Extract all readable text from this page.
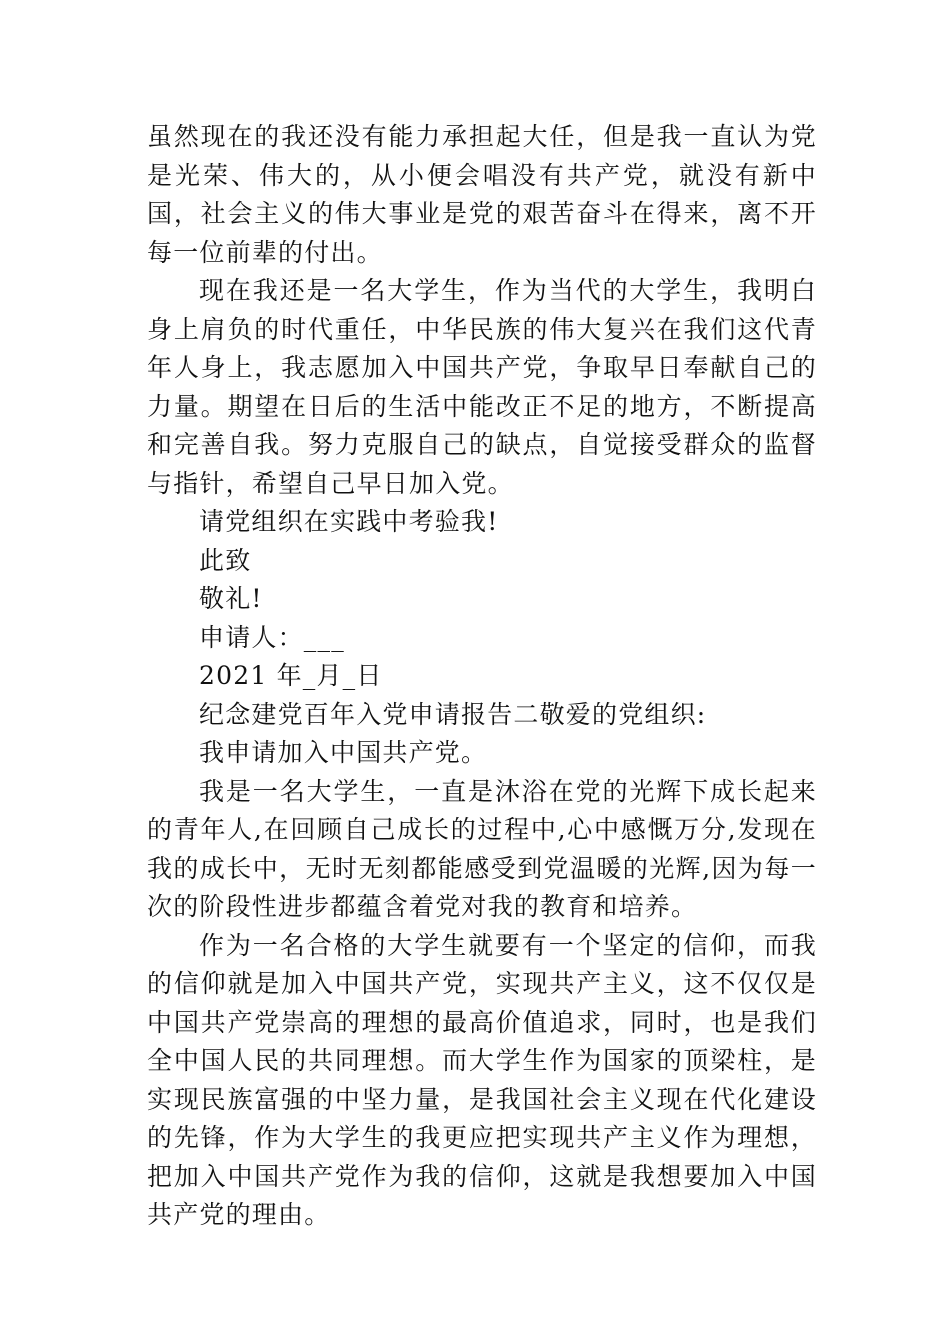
虽然现在的我还没有能力承担起大任，但是我一直认为党是光荣、伟大的，从小便会唱没有共产党，就没有新中国，社会主义的伟大事业是党的艰苦奋斗在得来，离不开每一位前辈的付出。

现在我还是一名大学生，作为当代的大学生，我明白身上肩负的时代重任，中华民族的伟大复兴在我们这代青年人身上，我志愿加入中国共产党，争取早日奉献自己的力量。期望在日后的生活中能改正不足的地方，不断提高和完善自我。努力克服自己的缺点，自觉接受群众的监督与指针，希望自己早日加入党。

请党组织在实践中考验我!

此致

敬礼!

申请人：___

2021 年_月_日

纪念建党百年入党申请报告二敬爱的党组织:

我申请加入中国共产党。

我是一名大学生，一直是沐浴在党的光辉下成长起来的青年人,在回顾自己成长的过程中,心中感慨万分,发现在我的成长中，无时无刻都能感受到党温暖的光辉,因为每一次的阶段性进步都蕴含着党对我的教育和培养。

作为一名合格的大学生就要有一个坚定的信仰，而我的信仰就是加入中国共产党，实现共产主义，这不仅仅是中国共产党崇高的理想的最高价值追求，同时，也是我们全中国人民的共同理想。而大学生作为国家的顶梁柱，是实现民族富强的中坚力量，是我国社会主义现在代化建设的先锋，作为大学生的我更应把实现共产主义作为理想，把加入中国共产党作为我的信仰，这就是我想要加入中国共产党的理由。
